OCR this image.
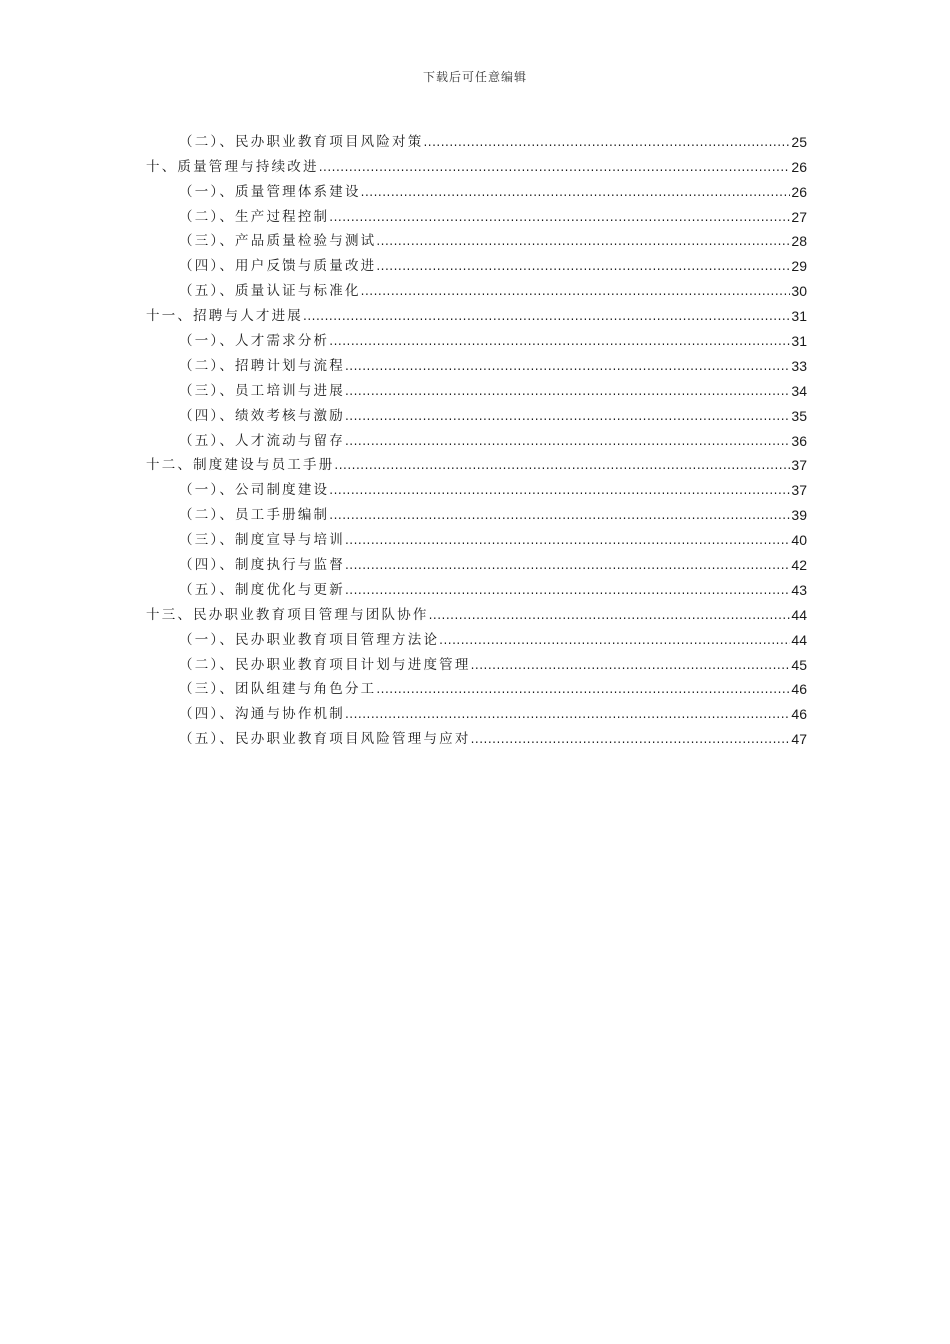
下载后可任意编辑
（二）、民办职业教育项目风险对策 .....	25
十、质量管理与持续改进 .....	26
（一）、质量管理体系建设 .....	26
（二）、生产过程控制 .....	27
（三）、产品质量检验与测试 .....	28
（四）、用户反馈与质量改进 .....	29
（五）、质量认证与标准化 .....	30
十一、招聘与人才进展 .....	31
（一）、人才需求分析 .....	31
（二）、招聘计划与流程 .....	33
（三）、员工培训与进展 .....	34
（四）、绩效考核与激励 .....	35
（五）、人才流动与留存 .....	36
十二、制度建设与员工手册 .....	37
（一）、公司制度建设 .....	37
（二）、员工手册编制 .....	39
（三）、制度宣导与培训 .....	40
（四）、制度执行与监督 .....	42
（五）、制度优化与更新 .....	43
十三、民办职业教育项目管理与团队协作 .....	44
（一）、民办职业教育项目管理方法论 .....	44
（二）、民办职业教育项目计划与进度管理 .....	45
（三）、团队组建与角色分工 .....	46
（四）、沟通与协作机制 .....	46
（五）、民办职业教育项目风险管理与应对 .....	47
